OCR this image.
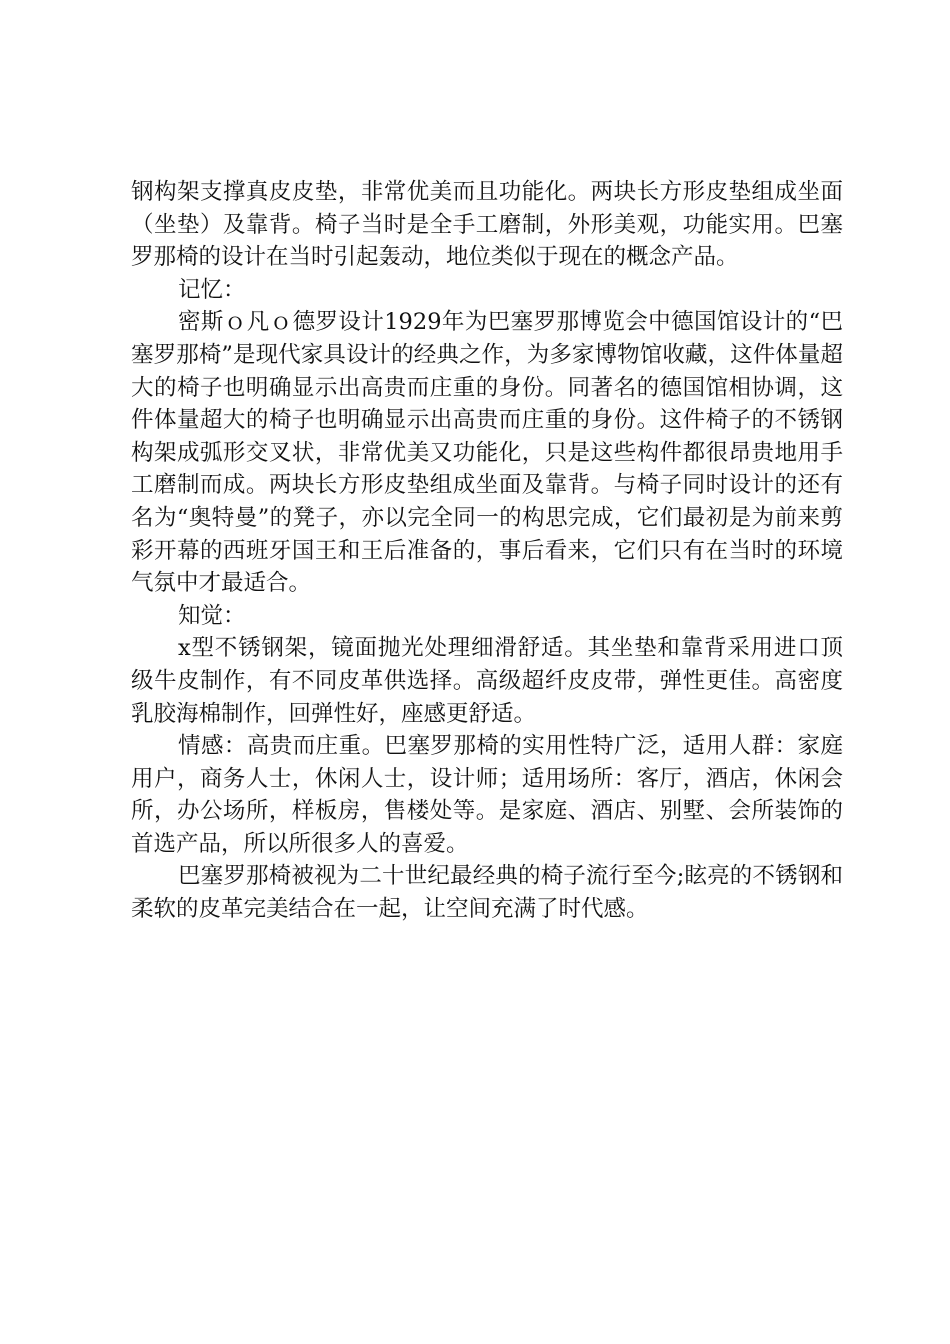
钢构架支撑真皮皮垫，非常优美而且功能化。两块长方形皮垫组成坐面（坐垫）及靠背。椅子当时是全手工磨制，外形美观，功能实用。巴塞罗那椅的设计在当时引起轰动，地位类似于现在的概念产品。

记忆：

密斯ｏ凡ｏ德罗设计1929年为巴塞罗那博览会中德国馆设计的“巴塞罗那椅”是现代家具设计的经典之作，为多家博物馆收藏，这件体量超大的椅子也明确显示出高贵而庄重的身份。同著名的德国馆相协调，这件体量超大的椅子也明确显示出高贵而庄重的身份。这件椅子的不锈钢构架成弧形交叉状，非常优美又功能化，只是这些构件都很昂贵地用手工磨制而成。两块长方形皮垫组成坐面及靠背。与椅子同时设计的还有名为“奥特曼”的凳子，亦以完全同一的构思完成，它们最初是为前来剪彩开幕的西班牙国王和王后准备的，事后看来，它们只有在当时的环境气氛中才最适合。

知觉：

x型不锈钢架，镜面抛光处理细滑舒适。其坐垫和靠背采用进口顶级牛皮制作，有不同皮革供选择。高级超纤皮皮带，弹性更佳。高密度乳胶海棉制作，回弹性好，座感更舒适。

情感：高贵而庄重。巴塞罗那椅的实用性特广泛，适用人群：家庭用户，商务人士，休闲人士，设计师；适用场所：客厅，酒店，休闲会所，办公场所，样板房，售楼处等。是家庭、酒店、别墅、会所装饰的首选产品，所以所很多人的喜爱。

巴塞罗那椅被视为二十世纪最经典的椅子流行至今;眩亮的不锈钢和柔软的皮革完美结合在一起，让空间充满了时代感。
